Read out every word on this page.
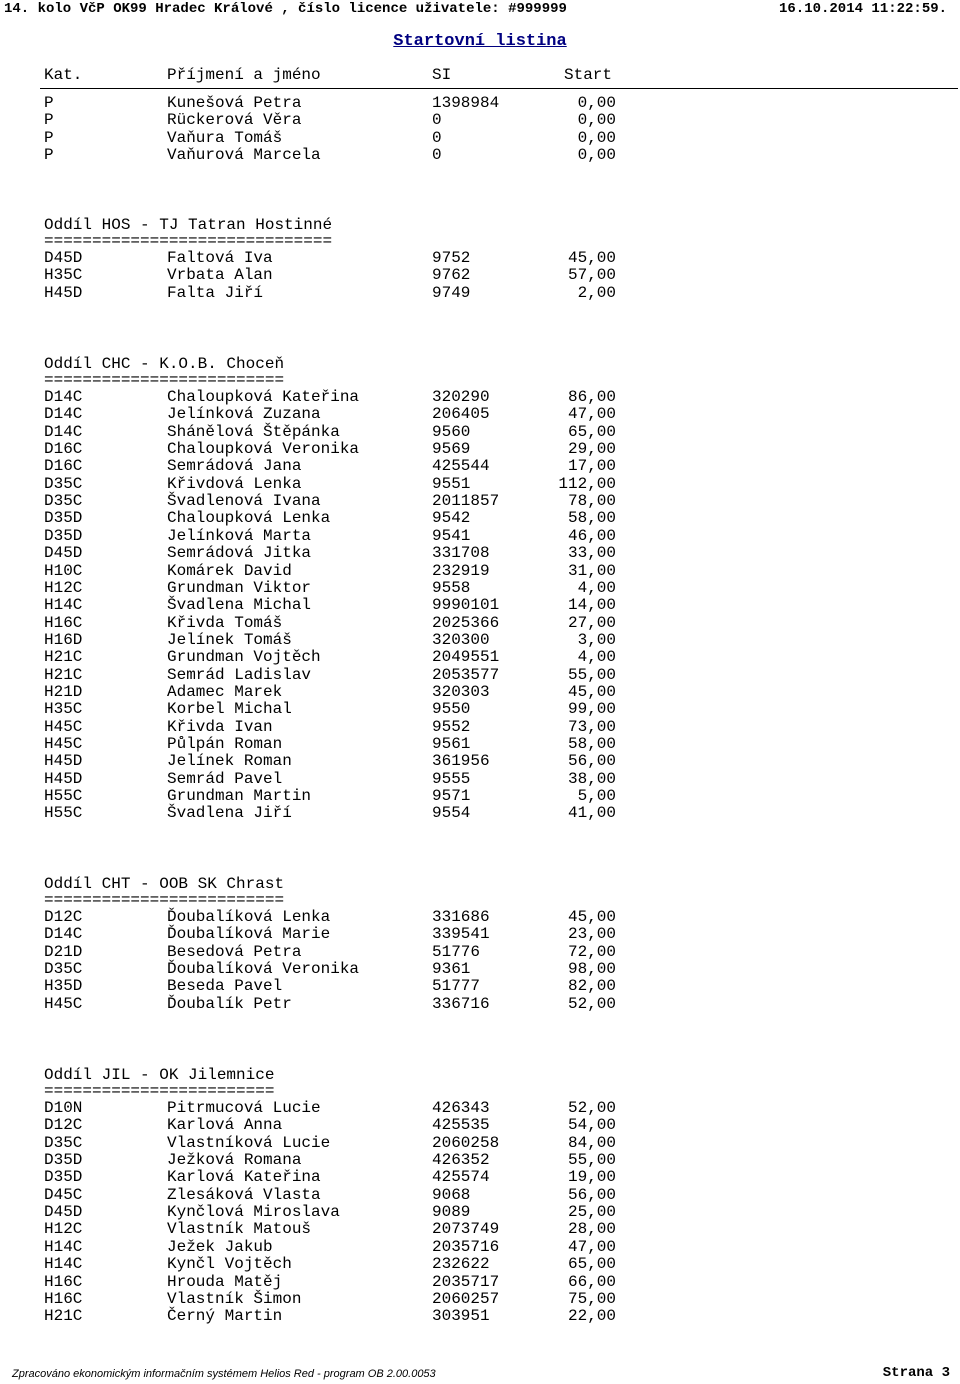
14. kolo VčP OK99 Hradec Králové , číslo licence uživatele: #999999	16.10.2014 11:22:59.
Startovní listina
Kat.	Příjmení a jméno	SI	Start
P	Kunešová Petra	1398984	0,00
P	Rückerová Věra	0	0,00
P	Vaňura Tomáš	0	0,00
P	Vaňurová Marcela	0	0,00
Oddíl HOS - TJ Tatran Hostinné
==============================
D45D	Faltová Iva	9752	45,00
H35C	Vrbata Alan	9762	57,00
H45D	Falta Jiří	9749	2,00
Oddíl CHC - K.O.B. Choceň
=========================
D14C	Chaloupková Kateřina	320290	86,00
D14C	Jelínková Zuzana	206405	47,00
D14C	Shánělová Štěpánka	9560	65,00
D16C	Chaloupková Veronika	9569	29,00
D16C	Semrádová Jana	425544	17,00
D35C	Křivdová Lenka	9551	112,00
D35C	Švadlenová Ivana	2011857	78,00
D35D	Chaloupková Lenka	9542	58,00
D35D	Jelínková Marta	9541	46,00
D45D	Semrádová Jitka	331708	33,00
H10C	Komárek David	232919	31,00
H12C	Grundman Viktor	9558	4,00
H14C	Švadlena Michal	9990101	14,00
H16C	Křivda Tomáš	2025366	27,00
H16D	Jelínek Tomáš	320300	3,00
H21C	Grundman Vojtěch	2049551	4,00
H21C	Semrád Ladislav	2053577	55,00
H21D	Adamec Marek	320303	45,00
H35C	Korbel Michal	9550	99,00
H45C	Křivda Ivan	9552	73,00
H45C	Půlpán Roman	9561	58,00
H45D	Jelínek Roman	361956	56,00
H45D	Semrád Pavel	9555	38,00
H55C	Grundman Martin	9571	5,00
H55C	Švadlena Jiří	9554	41,00
Oddíl CHT - OOB SK Chrast
=========================
D12C	Ďoubalíková Lenka	331686	45,00
D14C	Ďoubalíková Marie	339541	23,00
D21D	Besedová Petra	51776	72,00
D35C	Ďoubalíková Veronika	9361	98,00
H35D	Beseda Pavel	51777	82,00
H45C	Ďoubalík Petr	336716	52,00
Oddíl JIL - OK Jilemnice
========================
D10N	Pitrmucová Lucie	426343	52,00
D12C	Karlová Anna	425535	54,00
D35C	Vlastníková Lucie	2060258	84,00
D35D	Ježková Romana	426352	55,00
D35D	Karlová Kateřina	425574	19,00
D45C	Zlesáková Vlasta	9068	56,00
D45D	Kynčlová Miroslava	9089	25,00
H12C	Vlastník Matouš	2073749	28,00
H14C	Ježek Jakub	2035716	47,00
H14C	Kynčl Vojtěch	232622	65,00
H16C	Hrouda Matěj	2035717	66,00
H16C	Vlastník Šimon	2060257	75,00
H21C	Černý Martin	303951	22,00
Zpracováno ekonomickým informačním systémem Helios Red - program OB 2.00.0053	Strana 3
